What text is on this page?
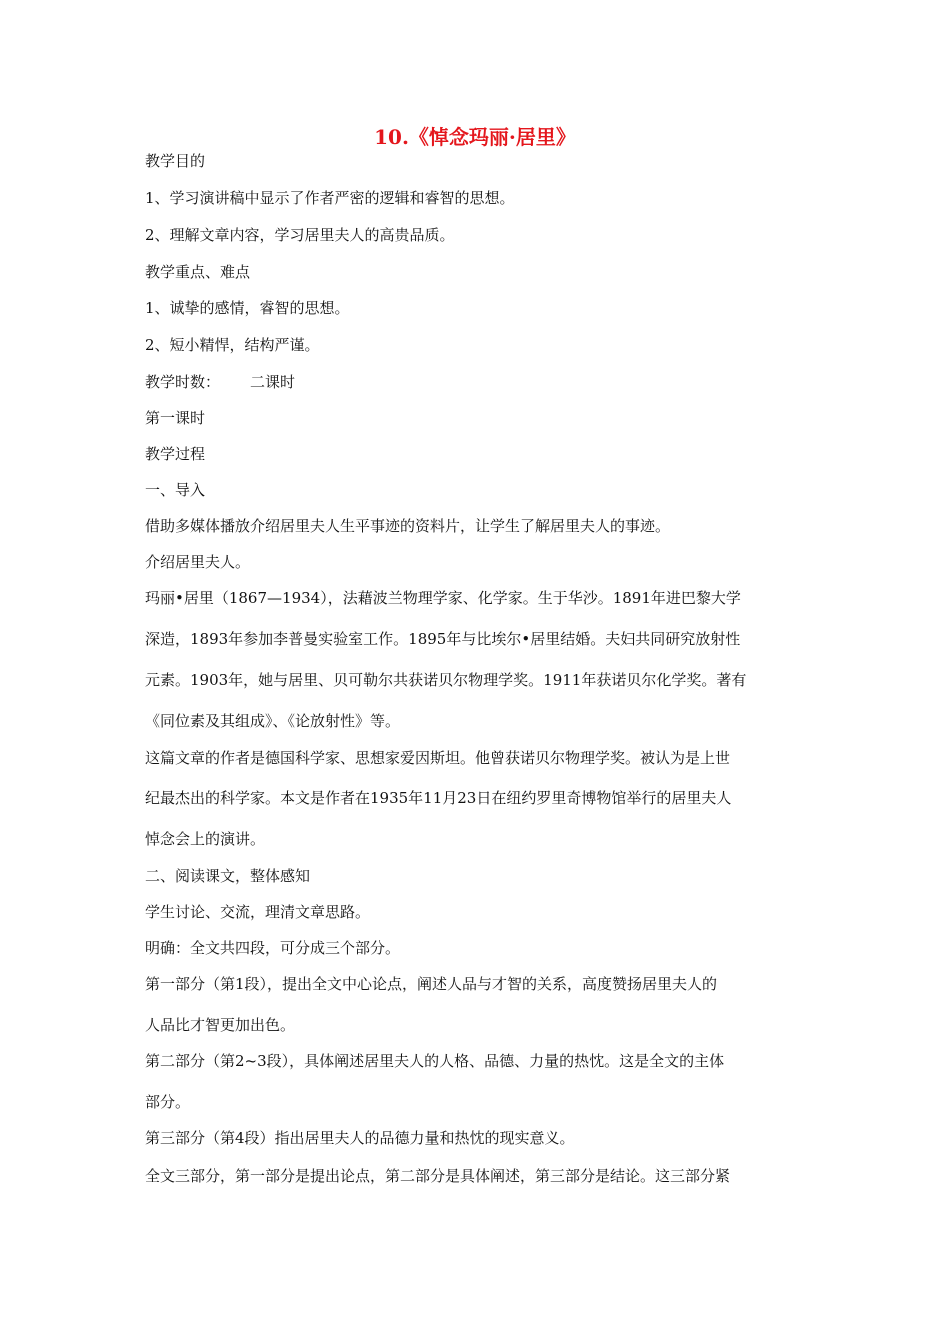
10.《悼念玛丽·居里》
教学目的
1、学习演讲稿中显示了作者严密的逻辑和睿智的思想。
2、理解文章内容，学习居里夫人的高贵品质。
教学重点、难点
1、诚挚的感情，睿智的思想。
2、短小精悍，结构严谨。
教学时数： 二课时
第一课时
教学过程
一、导入
借助多媒体播放介绍居里夫人生平事迹的资料片，让学生了解居里夫人的事迹。
介绍居里夫人。
玛丽•居里（1867—1934），法藉波兰物理学家、化学家。生于华沙。1891年进巴黎大学
深造，1893年参加李普曼实验室工作。1895年与比埃尔•居里结婚。夫妇共同研究放射性
元素。1903年，她与居里、贝可勒尔共获诺贝尔物理学奖。1911年获诺贝尔化学奖。著有
《同位素及其组成》、《论放射性》等。
这篇文章的作者是德国科学家、思想家爱因斯坦。他曾获诺贝尔物理学奖。被认为是上世
纪最杰出的科学家。本文是作者在1935年11月23日在纽约罗里奇博物馆举行的居里夫人
悼念会上的演讲。
二、阅读课文，整体感知
学生讨论、交流，理清文章思路。
明确：全文共四段，可分成三个部分。
第一部分（第1段），提出全文中心论点，阐述人品与才智的关系，高度赞扬居里夫人的
人品比才智更加出色。
第二部分（第2~3段），具体阐述居里夫人的人格、品德、力量的热忱。这是全文的主体
部分。
第三部分（第4段）指出居里夫人的品德力量和热忱的现实意义。
全文三部分，第一部分是提出论点，第二部分是具体阐述，第三部分是结论。这三部分紧
